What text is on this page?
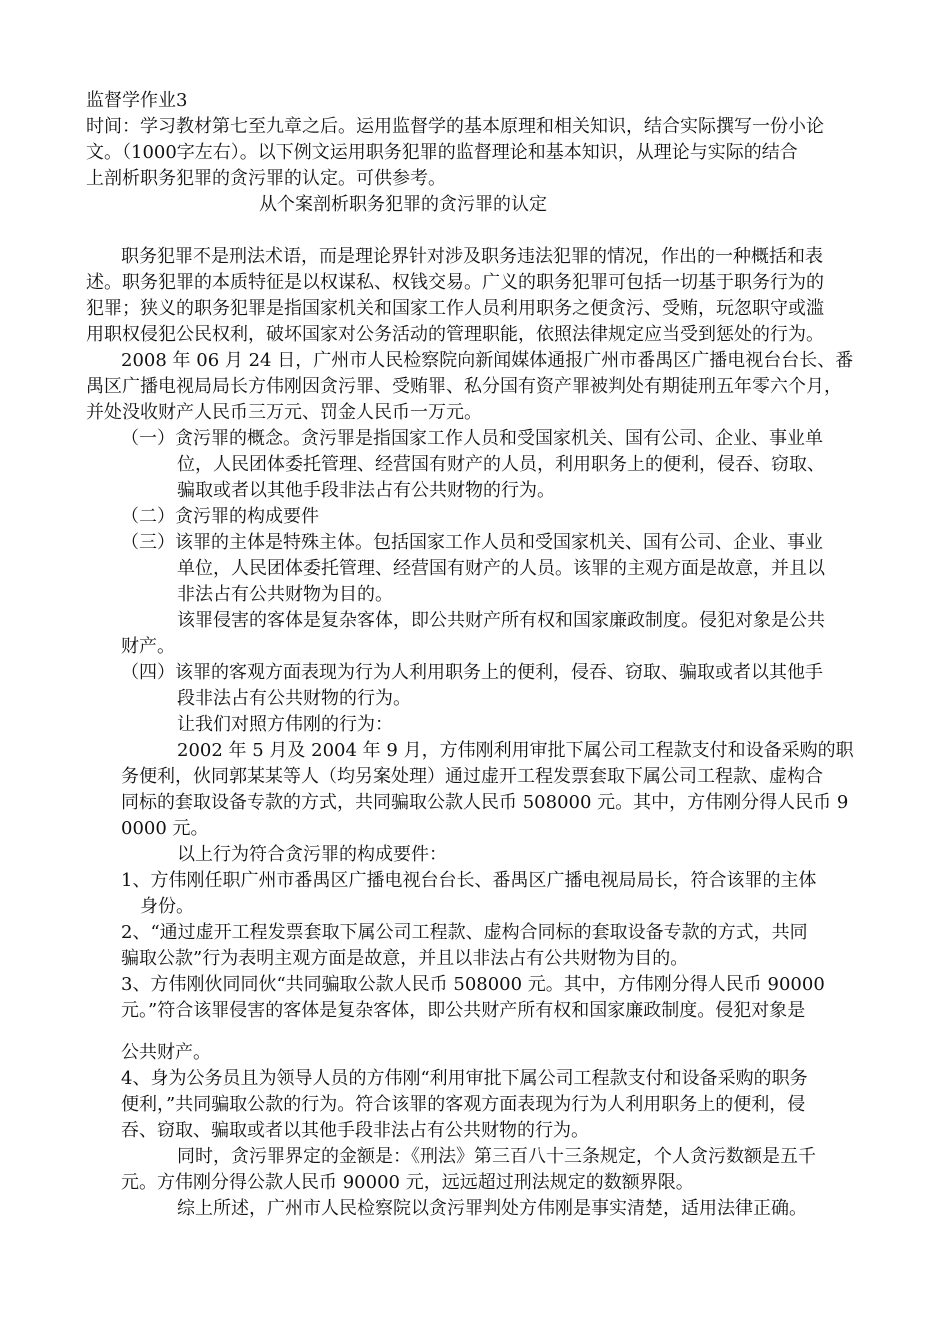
监督学作业3
时间：学习教材第七至九章之后。运用监督学的基本原理和相关知识，结合实际撰写一份小论
文。（1000字左右）。以下例文运用职务犯罪的监督理论和基本知识，从理论与实际的结合
上剖析职务犯罪的贪污罪的认定。可供参考。
从个案剖析职务犯罪的贪污罪的认定
职务犯罪不是刑法术语，而是理论界针对涉及职务违法犯罪的情况，作出的一种概括和表
述。职务犯罪的本质特征是以权谋私、权钱交易。广义的职务犯罪可包括一切基于职务行为的
犯罪；狭义的职务犯罪是指国家机关和国家工作人员利用职务之便贪污、受贿，玩忽职守或滥
用职权侵犯公民权利，破坏国家对公务活动的管理职能，依照法律规定应当受到惩处的行为。
2008 年 06 月 24 日，广州市人民检察院向新闻媒体通报广州市番禺区广播电视台台长、番
禺区广播电视局局长方伟刚因贪污罪、受贿罪、私分国有资产罪被判处有期徒刑五年零六个月，
并处没收财产人民币三万元、罚金人民币一万元。
（一）贪污罪的概念。贪污罪是指国家工作人员和受国家机关、国有公司、企业、事业单
位，人民团体委托管理、经营国有财产的人员，利用职务上的便利，侵吞、窃取、
骗取或者以其他手段非法占有公共财物的行为。
（二）贪污罪的构成要件
（三）该罪的主体是特殊主体。包括国家工作人员和受国家机关、国有公司、企业、事业
单位，人民团体委托管理、经营国有财产的人员。该罪的主观方面是故意，并且以
非法占有公共财物为目的。
该罪侵害的客体是复杂客体，即公共财产所有权和国家廉政制度。侵犯对象是公共
财产。
（四）该罪的客观方面表现为行为人利用职务上的便利，侵吞、窃取、骗取或者以其他手
段非法占有公共财物的行为。
让我们对照方伟刚的行为：
2002 年 5 月及 2004 年 9 月，方伟刚利用审批下属公司工程款支付和设备采购的职
务便利，伙同郭某某等人（均另案处理）通过虚开工程发票套取下属公司工程款、虚构合
同标的套取设备专款的方式，共同骗取公款人民币 508000 元。其中，方伟刚分得人民币 9
0000 元。
以上行为符合贪污罪的构成要件：
1、方伟刚任职广州市番禺区广播电视台台长、番禺区广播电视局局长，符合该罪的主体
身份。
2、“通过虚开工程发票套取下属公司工程款、虚构合同标的套取设备专款的方式，共同
骗取公款”行为表明主观方面是故意，并且以非法占有公共财物为目的。
3、方伟刚伙同同伙“共同骗取公款人民币 508000 元。其中，方伟刚分得人民币 90000
元。”符合该罪侵害的客体是复杂客体，即公共财产所有权和国家廉政制度。侵犯对象是
公共财产。
4、身为公务员且为领导人员的方伟刚“利用审批下属公司工程款支付和设备采购的职务
便利，”共同骗取公款的行为。符合该罪的客观方面表现为行为人利用职务上的便利，侵
吞、窃取、骗取或者以其他手段非法占有公共财物的行为。
同时，贪污罪界定的金额是：《刑法》第三百八十三条规定，个人贪污数额是五千
元。方伟刚分得公款人民币 90000 元，远远超过刑法规定的数额界限。
综上所述，广州市人民检察院以贪污罪判处方伟刚是事实清楚，适用法律正确。
